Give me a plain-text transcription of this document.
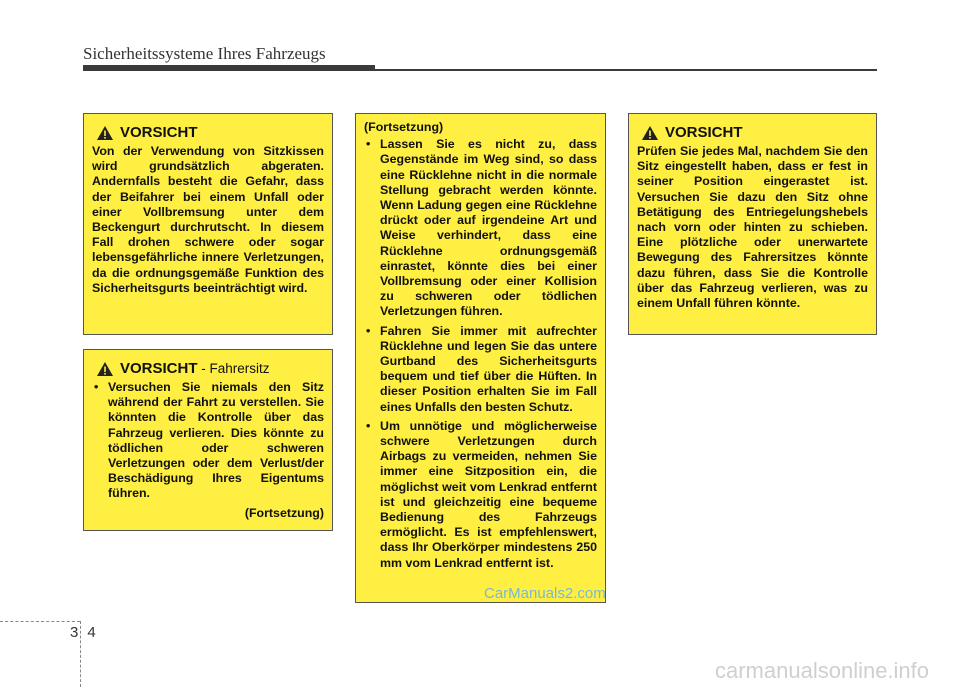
Sicherheitssysteme Ihres Fahrzeugs
VORSICHT

Von der Verwendung von Sitzkissen wird grundsätzlich abgeraten. Andernfalls besteht die Gefahr, dass der Beifahrer bei einem Unfall oder einer Vollbremsung unter dem Beckengurt durchrutscht. In diesem Fall drohen schwere oder sogar lebensgefährliche innere Verletzungen, da die ordnungsgemäße Funktion des Sicherheitsgurts beeinträchtigt wird.

VORSICHT - Fahrersitz
• Versuchen Sie niemals den Sitz während der Fahrt zu verstellen. Sie könnten die Kontrolle über das Fahrzeug verlieren. Dies könnte zu tödlichen oder schweren Verletzungen oder dem Verlust/der Beschädigung Ihres Eigentums führen.
(Fortsetzung)
(Fortsetzung)
• Lassen Sie es nicht zu, dass Gegenstände im Weg sind, so dass eine Rücklehne nicht in die normale Stellung gebracht werden könnte. Wenn Ladung gegen eine Rücklehne drückt oder auf irgendeine Art und Weise verhindert, dass eine Rücklehne ordnungsgemäß einrastet, könnte dies bei einer Vollbremsung oder einer Kollision zu schweren oder tödlichen Verletzungen führen.
• Fahren Sie immer mit aufrechter Rücklehne und legen Sie das untere Gurtband des Sicherheitsgurts bequem und tief über die Hüften. In dieser Position erhalten Sie im Fall eines Unfalls den besten Schutz.
• Um unnötige und möglicherweise schwere Verletzungen durch Airbags zu vermeiden, nehmen Sie immer eine Sitzposition ein, die möglichst weit vom Lenkrad entfernt ist und gleichzeitig eine bequeme Bedienung des Fahrzeugs ermöglicht. Es ist empfehlenswert, dass Ihr Oberkörper mindestens 250 mm vom Lenkrad entfernt ist.
VORSICHT

Prüfen Sie jedes Mal, nachdem Sie den Sitz eingestellt haben, dass er fest in seiner Position eingerastet ist. Versuchen Sie dazu den Sitz ohne Betätigung des Entriegelungshebels nach vorn oder hinten zu schieben. Eine plötzliche oder unerwartete Bewegung des Fahrersitzes könnte dazu führen, dass Sie die Kontrolle über das Fahrzeug verlieren, was zu einem Unfall führen könnte.

34
CarManuals2.com
carmanualsonline.info
